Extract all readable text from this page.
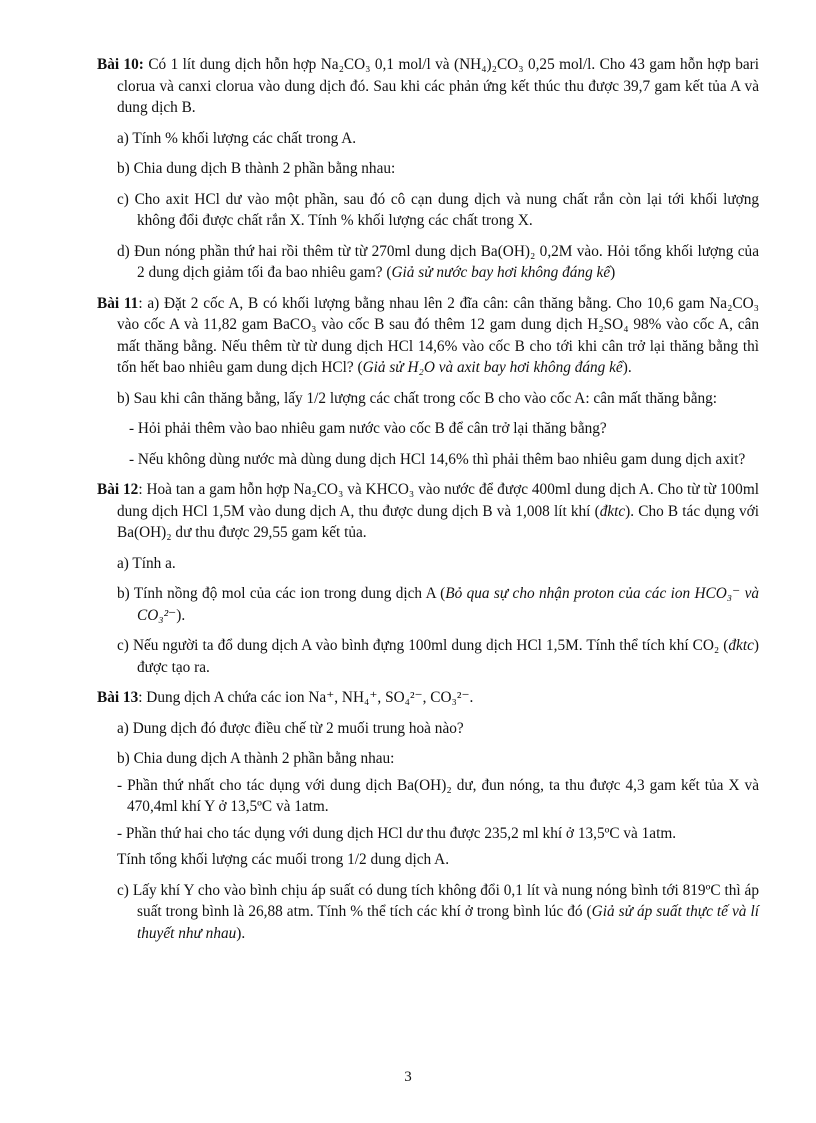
Bài 10: Có 1 lít dung dịch hỗn hợp Na₂CO₃ 0,1 mol/l và (NH₄)₂CO₃ 0,25 mol/l. Cho 43 gam hỗn hợp bari clorua và canxi clorua vào dung dịch đó. Sau khi các phản ứng kết thúc thu được 39,7 gam kết tủa A và dung dịch B.

a) Tính % khối lượng các chất trong A.

b) Chia dung dịch B thành 2 phần bằng nhau:

c) Cho axit HCl dư vào một phần, sau đó cô cạn dung dịch và nung chất rắn còn lại tới khối lượng không đổi được chất rắn X. Tính % khối lượng các chất trong X.

d) Đun nóng phần thứ hai rồi thêm từ từ 270ml dung dịch Ba(OH)₂ 0,2M vào. Hỏi tổng khối lượng của 2 dung dịch giảm tối đa bao nhiêu gam? (Giả sử nước bay hơi không đáng kể)

Bài 11: a) Đặt 2 cốc A, B có khối lượng bằng nhau lên 2 đĩa cân: cân thăng bằng. Cho 10,6 gam Na₂CO₃ vào cốc A và 11,82 gam BaCO₃ vào cốc B sau đó thêm 12 gam dung dịch H₂SO₄ 98% vào cốc A, cân mất thăng bằng. Nếu thêm từ từ dung dịch HCl 14,6% vào cốc B cho tới khi cân trở lại thăng bằng thì tốn hết bao nhiêu gam dung dịch HCl? (Giả sử H₂O và axit bay hơi không đáng kể).

b) Sau khi cân thăng bằng, lấy 1/2 lượng các chất trong cốc B cho vào cốc A: cân mất thăng bằng:

- Hỏi phải thêm vào bao nhiêu gam nước vào cốc B để cân trở lại thăng bằng?

- Nếu không dùng nước mà dùng dung dịch HCl 14,6% thì phải thêm bao nhiêu gam dung dịch axit?

Bài 12: Hoà tan a gam hỗn hợp Na₂CO₃ và KHCO₃ vào nước để được 400ml dung dịch A. Cho từ từ 100ml dung dịch HCl 1,5M vào dung dịch A, thu được dung dịch B và 1,008 lít khí (đktc). Cho B tác dụng với Ba(OH)₂ dư thu được 29,55 gam kết tủa.

a) Tính a.

b) Tính nồng độ mol của các ion trong dung dịch A (Bỏ qua sự cho nhận proton của các ion HCO₃⁻ và CO₃²⁻).

c) Nếu người ta đổ dung dịch A vào bình đựng 100ml dung dịch HCl 1,5M. Tính thể tích khí CO₂ (đktc) được tạo ra.

Bài 13: Dung dịch A chứa các ion Na⁺, NH₄⁺, SO₄²⁻, CO₃²⁻.

a) Dung dịch đó được điều chế từ 2 muối trung hoà nào?

b) Chia dung dịch A thành 2 phần bằng nhau:

- Phần thứ nhất cho tác dụng với dung dịch Ba(OH)₂ dư, đun nóng, ta thu được 4,3 gam kết tủa X và 470,4ml khí Y ở 13,5ºC và 1atm.

- Phần thứ hai cho tác dụng với dung dịch HCl dư thu được 235,2 ml khí ở 13,5ºC và 1atm.

Tính tổng khối lượng các muối trong 1/2 dung dịch A.

c) Lấy khí Y cho vào bình chịu áp suất có dung tích không đổi 0,1 lít và nung nóng bình tới 819ºC thì áp suất trong bình là 26,88 atm. Tính % thể tích các khí ở trong bình lúc đó (Giả sử áp suất thực tế và lí thuyết như nhau).

3
